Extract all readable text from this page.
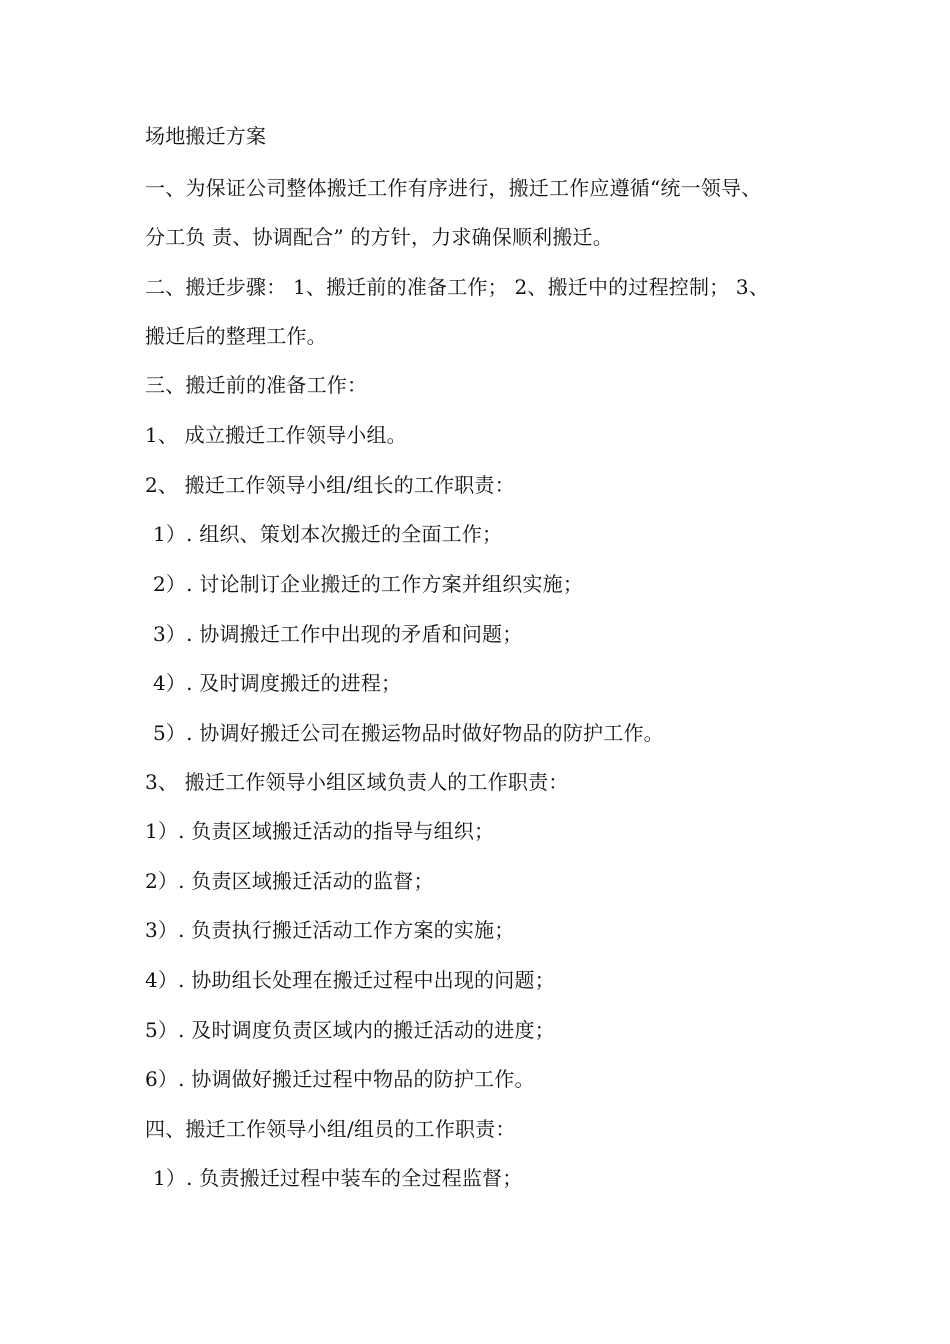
场地搬迁方案
一、为保证公司整体搬迁工作有序进行，搬迁工作应遵循“统一领导、
分工负 责、协调配合” 的方针，力求确保顺利搬迁。
二、搬迁步骤： 1、搬迁前的准备工作； 2、搬迁中的过程控制； 3、
搬迁后的整理工作。
三、搬迁前的准备工作：
1、 成立搬迁工作领导小组。
2、 搬迁工作领导小组/组长的工作职责：
1）. 组织、策划本次搬迁的全面工作；
2）. 讨论制订企业搬迁的工作方案并组织实施；
3）. 协调搬迁工作中出现的矛盾和问题；
4）. 及时调度搬迁的进程；
5）. 协调好搬迁公司在搬运物品时做好物品的防护工作。
3、 搬迁工作领导小组区域负责人的工作职责：
1）. 负责区域搬迁活动的指导与组织；
2）. 负责区域搬迁活动的监督；
3）. 负责执行搬迁活动工作方案的实施；
4）. 协助组长处理在搬迁过程中出现的问题；
5）. 及时调度负责区域内的搬迁活动的进度；
6）. 协调做好搬迁过程中物品的防护工作。
四、搬迁工作领导小组/组员的工作职责：
1）. 负责搬迁过程中装车的全过程监督；
